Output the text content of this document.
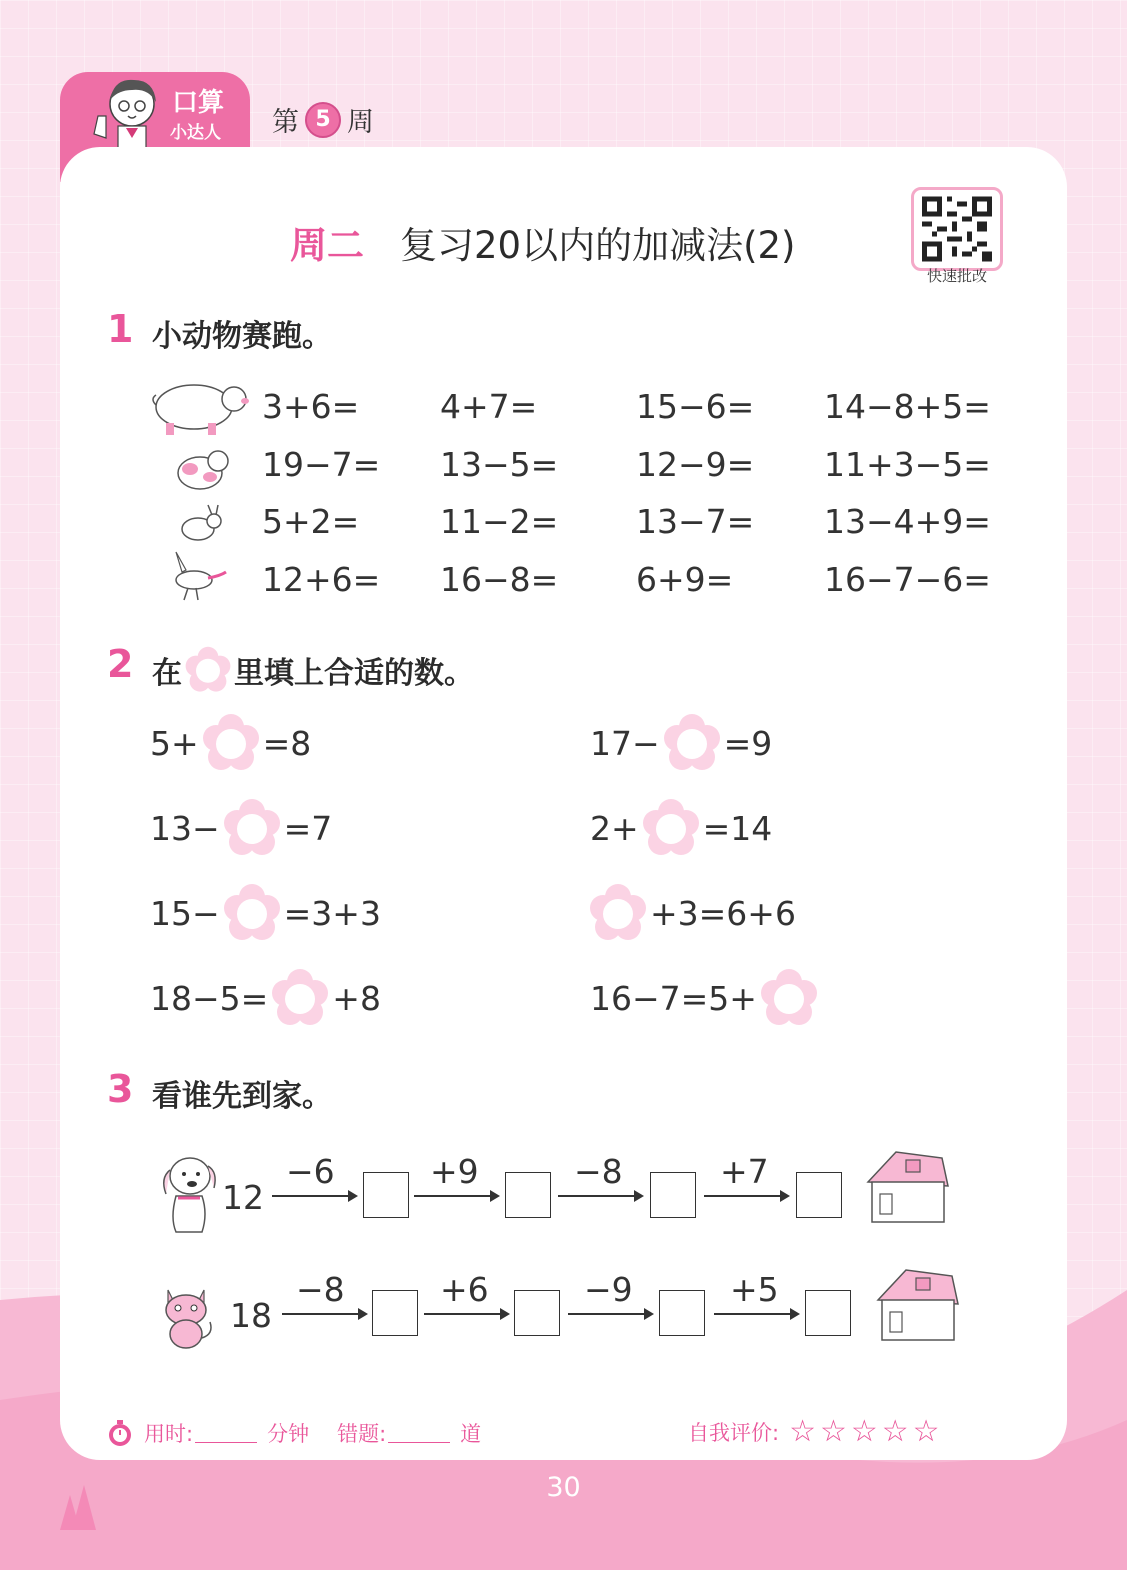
口算
小达人 第 5 周
周二 复习20以内的加减法(2)
快速批改
1 小动物赛跑。
3+6= 4+7=	15−6= 14−8+5=
19−7= 13−5= 12−9= 11+3−5=
5+2= 11−2= 13−7= 13−4+9=
12+6= 16−8= 6+9=	16−7−6=
2 在 里填上合适的数。
5+ =8	17− =9
13− =7	2+ =14
15− =3+3	+3=6+6
18−5= +8	16−7=5+
3 看谁先到家。
12
−6	+9	−8	+7
18
−8	+6	−9	+5
用时:	分钟 错题:	道	自我评价: ☆☆☆☆☆
30
